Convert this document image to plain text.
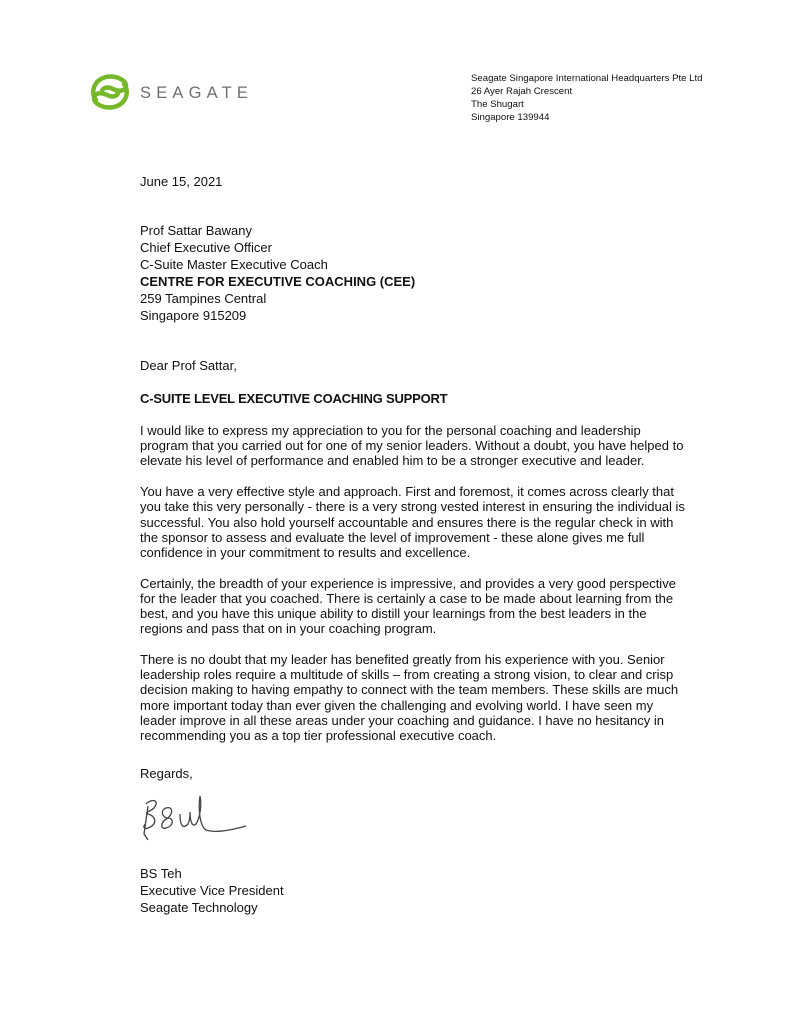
SEAGATE
Seagate Singapore International Headquarters Pte Ltd
26 Ayer Rajah Crescent
The Shugart
Singapore 139944
June 15, 2021
Prof Sattar Bawany
Chief Executive Officer
C-Suite Master Executive Coach
CENTRE FOR EXECUTIVE COACHING (CEE)
259 Tampines Central
Singapore 915209
Dear Prof Sattar,
C-SUITE LEVEL EXECUTIVE COACHING SUPPORT

I would like to express my appreciation to you for the personal coaching and leadership program that you carried out for one of my senior leaders. Without a doubt, you have helped to elevate his level of performance and enabled him to be a stronger executive and leader.

You have a very effective style and approach. First and foremost, it comes across clearly that you take this very personally - there is a very strong vested interest in ensuring the individual is successful. You also hold yourself accountable and ensures there is the regular check in with the sponsor to assess and evaluate the level of improvement - these alone gives me full confidence in your commitment to results and excellence.

Certainly, the breadth of your experience is impressive, and provides a very good perspective for the leader that you coached. There is certainly a case to be made about learning from the best, and you have this unique ability to distill your learnings from the best leaders in the regions and pass that on in your coaching program.

There is no doubt that my leader has benefited greatly from his experience with you. Senior leadership roles require a multitude of skills – from creating a strong vision, to clear and crisp decision making to having empathy to connect with the team members. These skills are much more important today than ever given the challenging and evolving world. I have seen my leader improve in all these areas under your coaching and guidance. I have no hesitancy in recommending you as a top tier professional executive coach.

Regards,
BS Teh
Executive Vice President
Seagate Technology
